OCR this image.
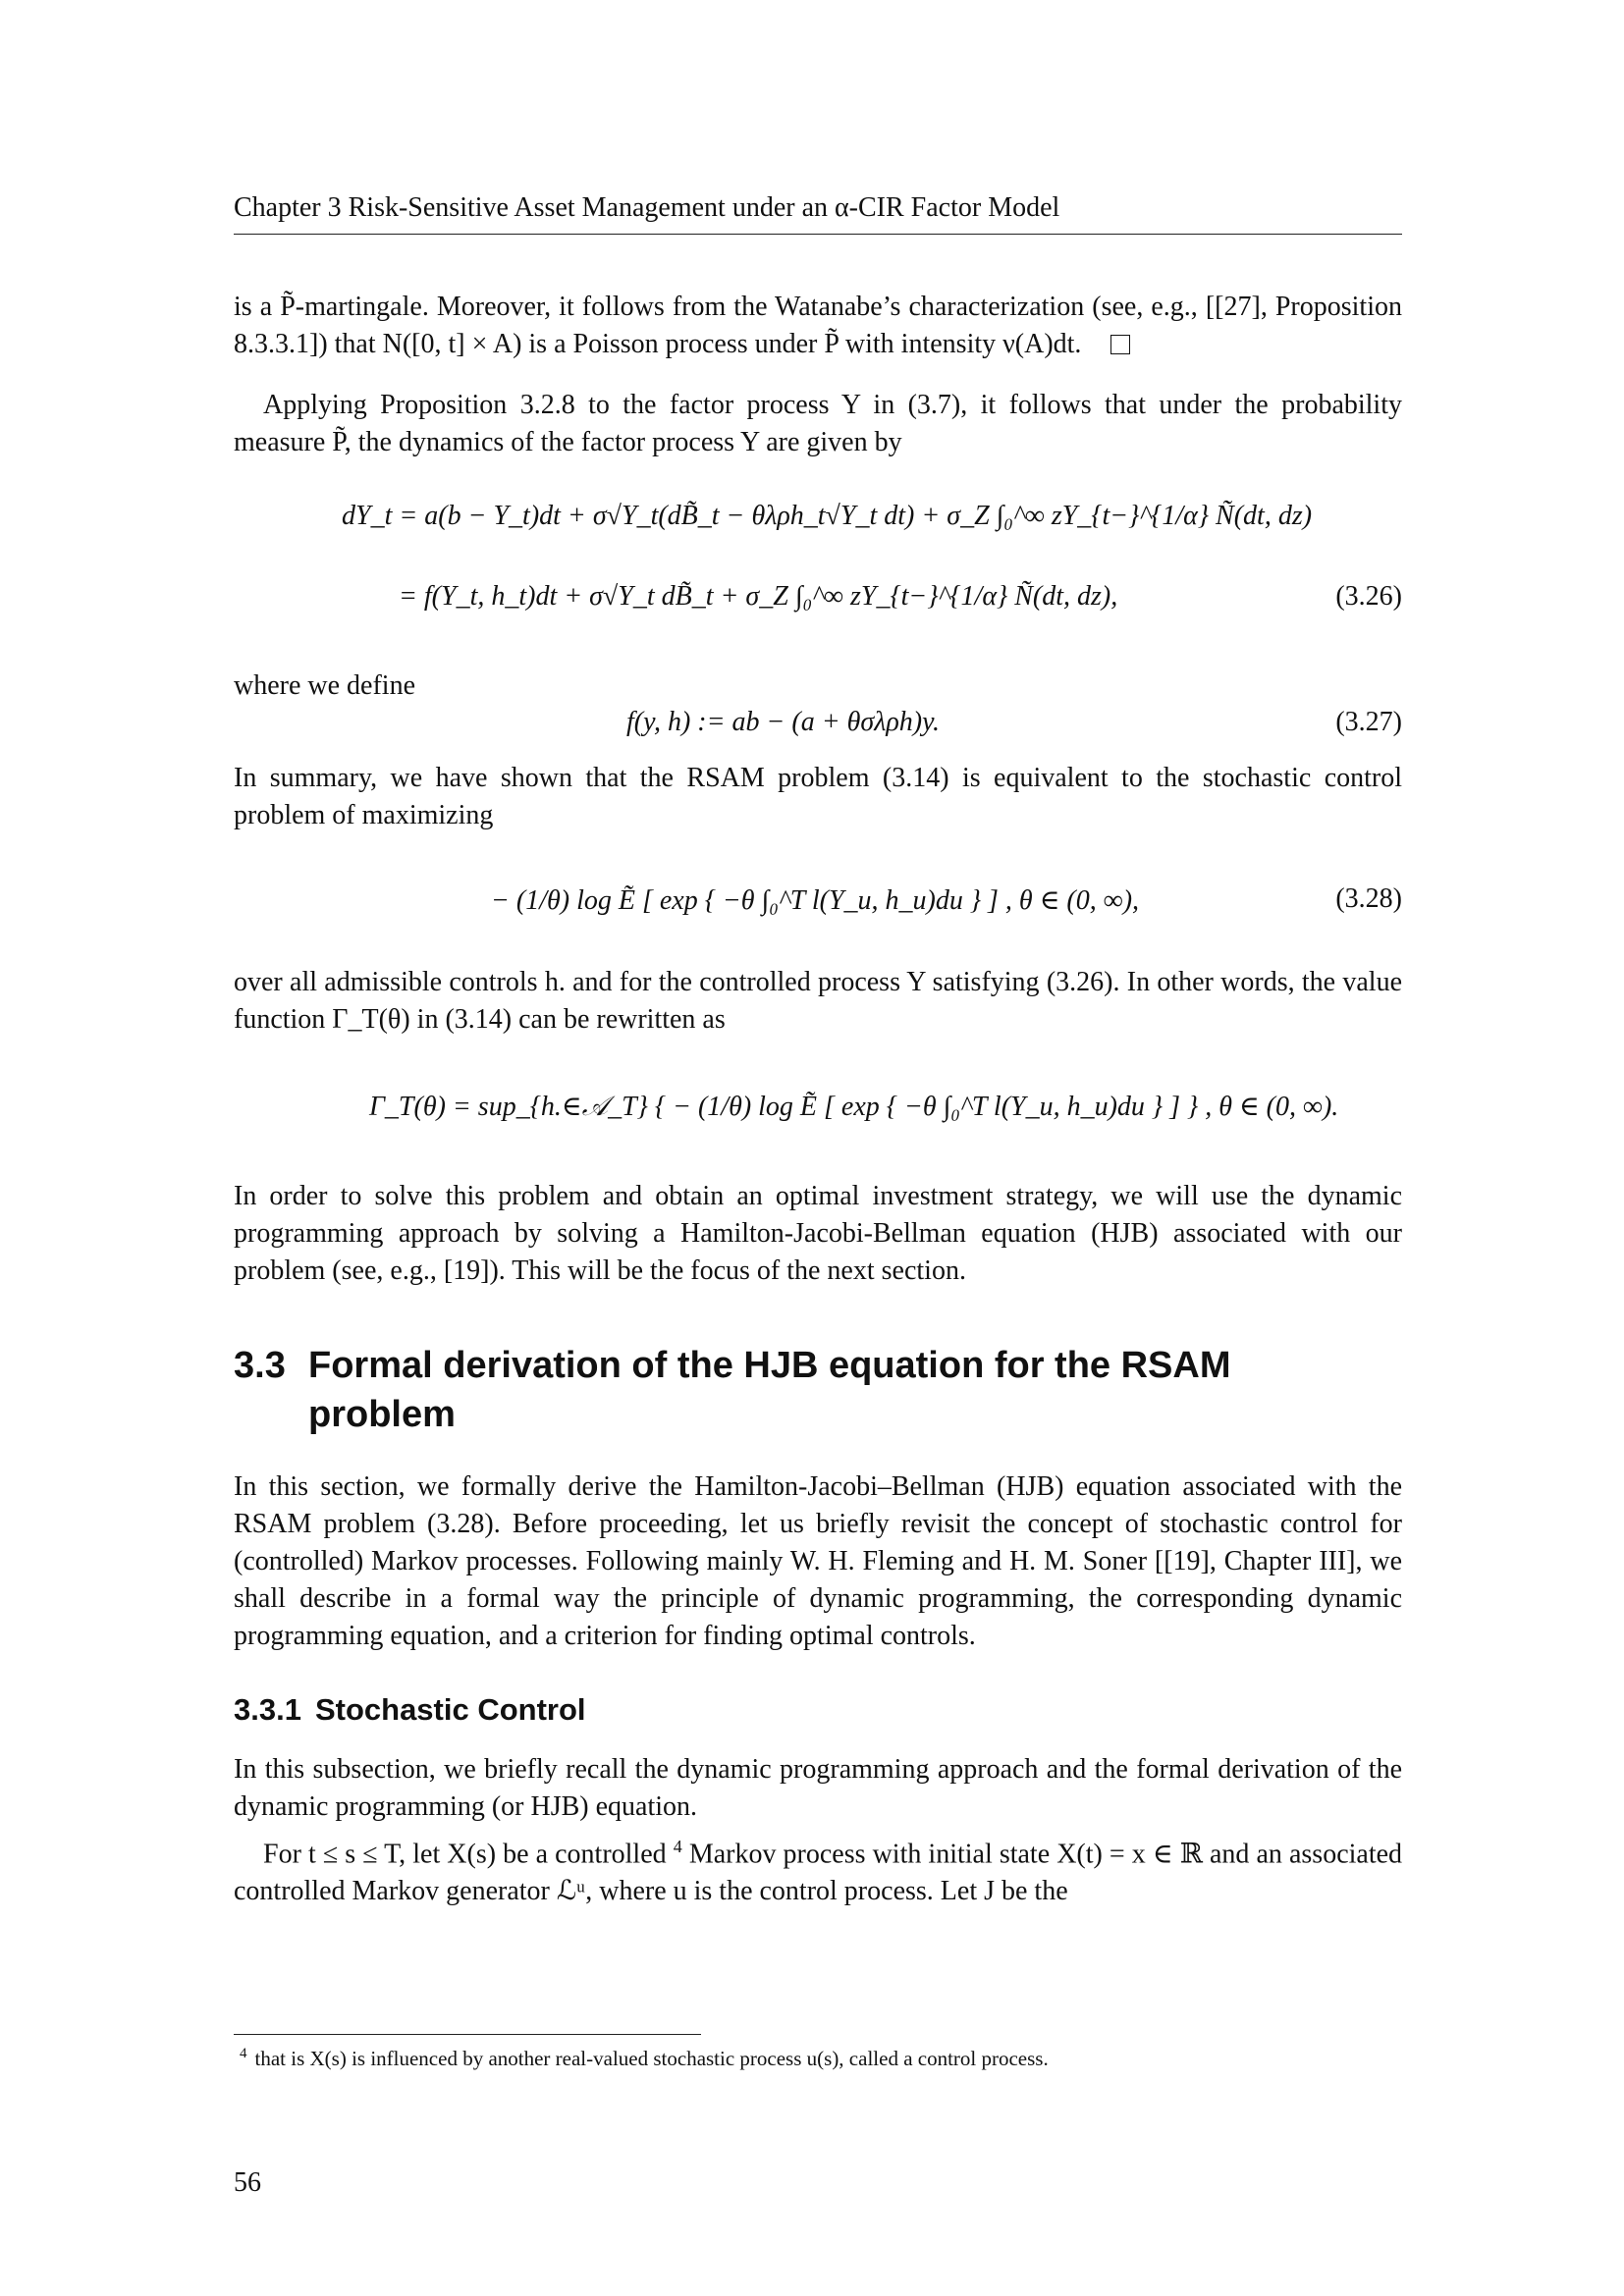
Chapter 3 Risk-Sensitive Asset Management under an α-CIR Factor Model

is a P̃-martingale. Moreover, it follows from the Watanabe’s characterization (see, e.g., [[27], Proposition 8.3.3.1]) that N([0, t] × A) is a Poisson process under P̃ with intensity ν(A)dt.

Applying Proposition 3.2.8 to the factor process Y in (3.7), it follows that under the probability measure P̃, the dynamics of the factor process Y are given by

dY_t = a(b − Y_t)dt + σ√Y_t(dB̃_t − θλρh_t√Y_t dt) + σ_Z ∫₀^∞ zY_{t−}^{1/α} Ñ(dt, dz)
= f(Y_t, h_t)dt + σ√Y_t dB̃_t + σ_Z ∫₀^∞ zY_{t−}^{1/α} Ñ(dt, dz),	(3.26)

where we define

f(y, h) := ab − (a + θσλρh)y.	(3.27)

In summary, we have shown that the RSAM problem (3.14) is equivalent to the stochastic control problem of maximizing

− (1/θ) log Ẽ [ exp { −θ ∫₀^T l(Y_u, h_u)du } ] , θ ∈ (0, ∞),	(3.28)

over all admissible controls h. and for the controlled process Y satisfying (3.26). In other words, the value function Γ_T(θ) in (3.14) can be rewritten as

Γ_T(θ) = sup_{h.∈𝒜_T} { − (1/θ) log Ẽ [ exp { −θ ∫₀^T l(Y_u, h_u)du } ] } , θ ∈ (0, ∞).

In order to solve this problem and obtain an optimal investment strategy, we will use the dynamic programming approach by solving a Hamilton-Jacobi-Bellman equation (HJB) associated with our problem (see, e.g., [19]). This will be the focus of the next section.

3.3 Formal derivation of the HJB equation for the RSAM problem

In this section, we formally derive the Hamilton-Jacobi–Bellman (HJB) equation associated with the RSAM problem (3.28). Before proceeding, let us briefly revisit the concept of stochastic control for (controlled) Markov processes. Following mainly W. H. Fleming and H. M. Soner [[19], Chapter III], we shall describe in a formal way the principle of dynamic programming, the corresponding dynamic programming equation, and a criterion for finding optimal controls.

3.3.1 Stochastic Control

In this subsection, we briefly recall the dynamic programming approach and the formal derivation of the dynamic programming (or HJB) equation.

For t ≤ s ≤ T, let X(s) be a controlled $^4$ Markov process with initial state X(t) = x ∈ ℝ and an associated controlled Markov generator ℒᵘ, where u is the control process. Let J be the

$^4$ that is X(s) is influenced by another real-valued stochastic process u(s), called a control process.
56
